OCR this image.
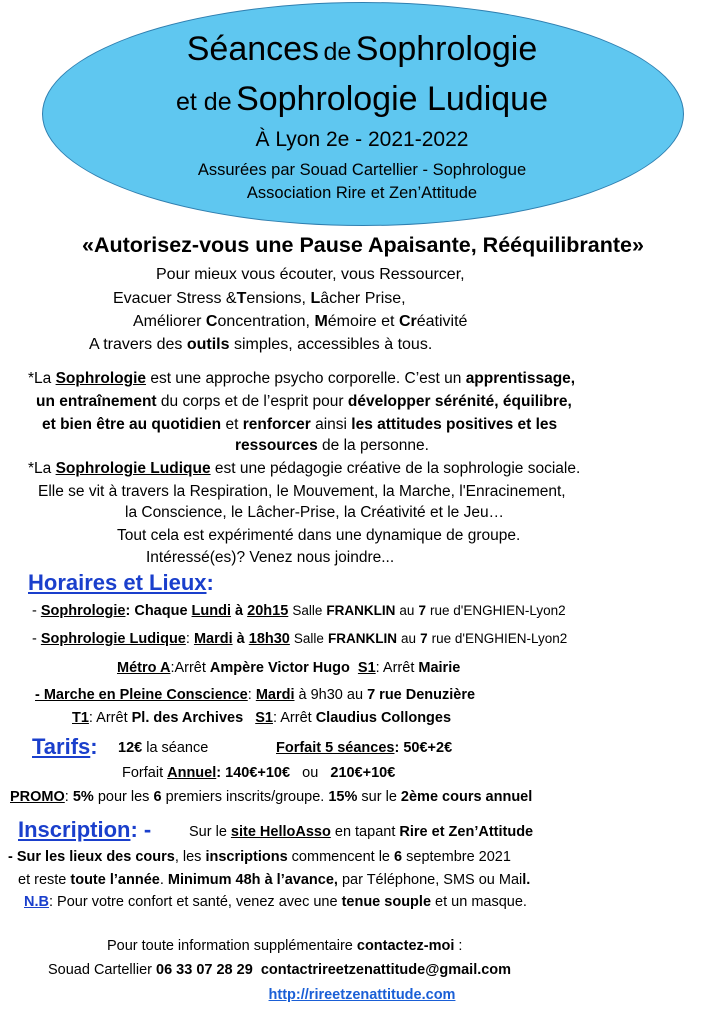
Séances de Sophrologie
et de Sophrologie Ludique
À Lyon 2e - 2021-2022
Assurées par Souad Cartellier - Sophrologue
Association Rire et Zen’Attitude
«Autorisez-vous une Pause Apaisante, Rééquilibrante»
Pour mieux vous écouter, vous Ressourcer,
Evacuer Stress &Tensions, Lâcher Prise,
Améliorer Concentration, Mémoire et Créativité
A travers des outils simples, accessibles à tous.
*La Sophrologie est une approche psycho corporelle. C’est un apprentissage,
un entraînement du corps et de l’esprit pour développer sérénité, équilibre,
et bien être au quotidien et renforcer ainsi les attitudes positives et les
ressources de la personne.
*La Sophrologie Ludique est une pédagogie créative de la sophrologie sociale.
Elle se vit à travers la Respiration, le Mouvement, la Marche, l'Enracinement,
la Conscience, le Lâcher-Prise, la Créativité et le Jeu…
Tout cela est expérimenté dans une dynamique de groupe.
Intéressé(es)? Venez nous joindre...
Horaires et Lieux:
- Sophrologie: Chaque Lundi à 20h15 Salle FRANKLIN au 7 rue d'ENGHIEN-Lyon2
- Sophrologie Ludique: Mardi à 18h30 Salle FRANKLIN au 7 rue d'ENGHIEN-Lyon2
Métro A:Arrêt Ampère Victor Hugo S1: Arrêt Mairie
- Marche en Pleine Conscience: Mardi à 9h30 au 7 rue Denuzière
T1: Arrêt Pl. des Archives S1: Arrêt Claudius Collonges
Tarifs: 12€ la séance	Forfait 5 séances: 50€+2€
Forfait Annuel: 140€+10€ ou 210€+10€
PROMO: 5% pour les 6 premiers inscrits/groupe. 15% sur le 2ème cours annuel
Inscription: -	Sur le site HelloAsso en tapant Rire et Zen’Attitude
- Sur les lieux des cours, les inscriptions commencent le 6 septembre 2021
et reste toute l’année. Minimum 48h à l’avance, par Téléphone, SMS ou Mail.
N.B: Pour votre confort et santé, venez avec une tenue souple et un masque.
Pour toute information supplémentaire contactez-moi :
Souad Cartellier 06 33 07 28 29 contactrireetzenattitude@gmail.com
http://rireetzenattitude.com
